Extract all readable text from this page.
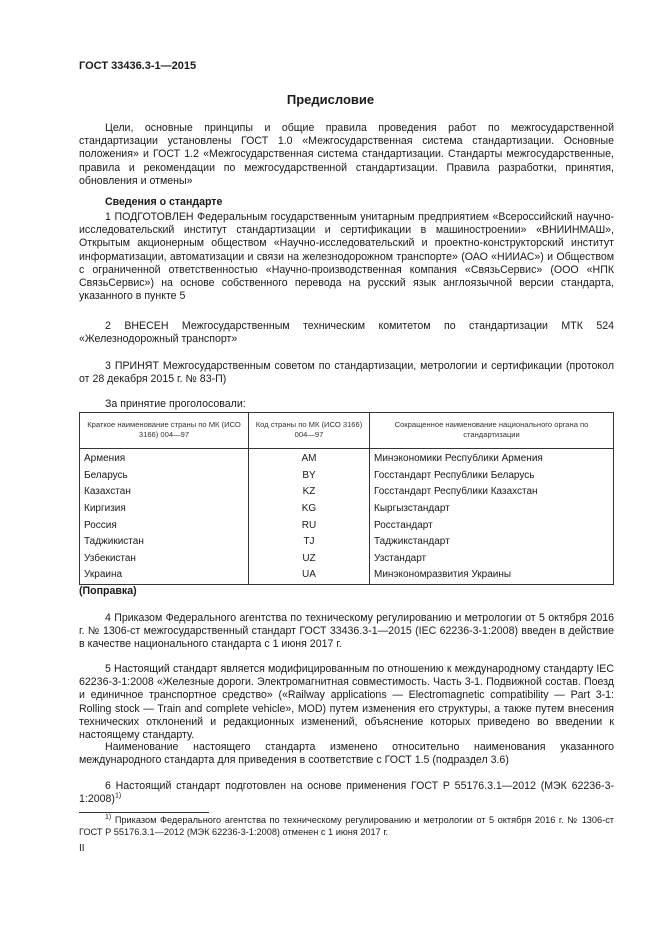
ГОСТ 33436.3-1—2015
Предисловие

Цели, основные принципы и общие правила проведения работ по межгосударственной стандартизации установлены ГОСТ 1.0 «Межгосударственная система стандартизации. Основные положения» и ГОСТ 1.2 «Межгосударственная система стандартизации. Стандарты межгосударственные, правила и рекомендации по межгосударственной стандартизации. Правила разработки, принятия, обновления и отмены»

Сведения о стандарте

1 ПОДГОТОВЛЕН Федеральным государственным унитарным предприятием «Всероссийский научно-исследовательский институт стандартизации и сертификации в машиностроении» «ВНИИНМАШ», Открытым акционерным обществом «Научно-исследовательский и проектно-конструкторский институт информатизации, автоматизации и связи на железнодорожном транспорте» (ОАО «НИИАС») и Обществом с ограниченной ответственностью «Научно-производственная компания «СвязьСервис» (ООО «НПК СвязьСервис») на основе собственного перевода на русский язык англоязычной версии стандарта, указанного в пункте 5

2 ВНЕСЕН Межгосударственным техническим комитетом по стандартизации МТК 524 «Железнодорожный транспорт»

3 ПРИНЯТ Межгосударственным советом по стандартизации, метрологии и сертификации (протокол от 28 декабря 2015 г. № 83-П)

За принятие проголосовали:
Краткое наименование страны по МК (ИСО 3166) 004—97	Код страны по МК (ИСО 3166) 004—97	Сокращенное наименование национального органа по стандартизации
Армения	AM	Минэкономики Республики Армения
Беларусь	BY	Госстандарт Республики Беларусь
Казахстан	KZ	Госстандарт Республики Казахстан
Киргизия	KG	Кыргызстандарт
Россия	RU	Росстандарт
Таджикистан	TJ	Таджикстандарт
Узбекистан	UZ	Узстандарт
Украина	UA	Минэкономразвития Украины
(Поправка)

4 Приказом Федерального агентства по техническому регулированию и метрологии от 5 октября 2016 г. № 1306-ст межгосударственный стандарт ГОСТ 33436.3-1—2015 (IEC 62236-3-1:2008) введен в действие в качестве национального стандарта с 1 июня 2017 г.

5 Настоящий стандарт является модифицированным по отношению к международному стандарту IEC 62236-3-1:2008 «Железные дороги. Электромагнитная совместимость. Часть 3-1. Подвижной состав. Поезд и единичное транспортное средство» («Railway applications — Electromagnetic compatibility — Part 3-1: Rolling stock — Train and complete vehicle», MOD) путем изменения его структуры, а также путем внесения технических отклонений и редакционных изменений, объяснение которых приведено во введении к настоящему стандарту.

Наименование настоящего стандарта изменено относительно наименования указанного международного стандарта для приведения в соответствие с ГОСТ 1.5 (подраздел 3.6)

6 Настоящий стандарт подготовлен на основе применения ГОСТ Р 55176.3.1—2012 (МЭК 62236-3-1:2008)$^{1)}$

$^{1)}$ Приказом Федерального агентства по техническому регулированию и метрологии от 5 октября 2016 г. № 1306-ст ГОСТ Р 55176.3.1—2012 (МЭК 62236-3-1:2008) отменен с 1 июня 2017 г.

II
